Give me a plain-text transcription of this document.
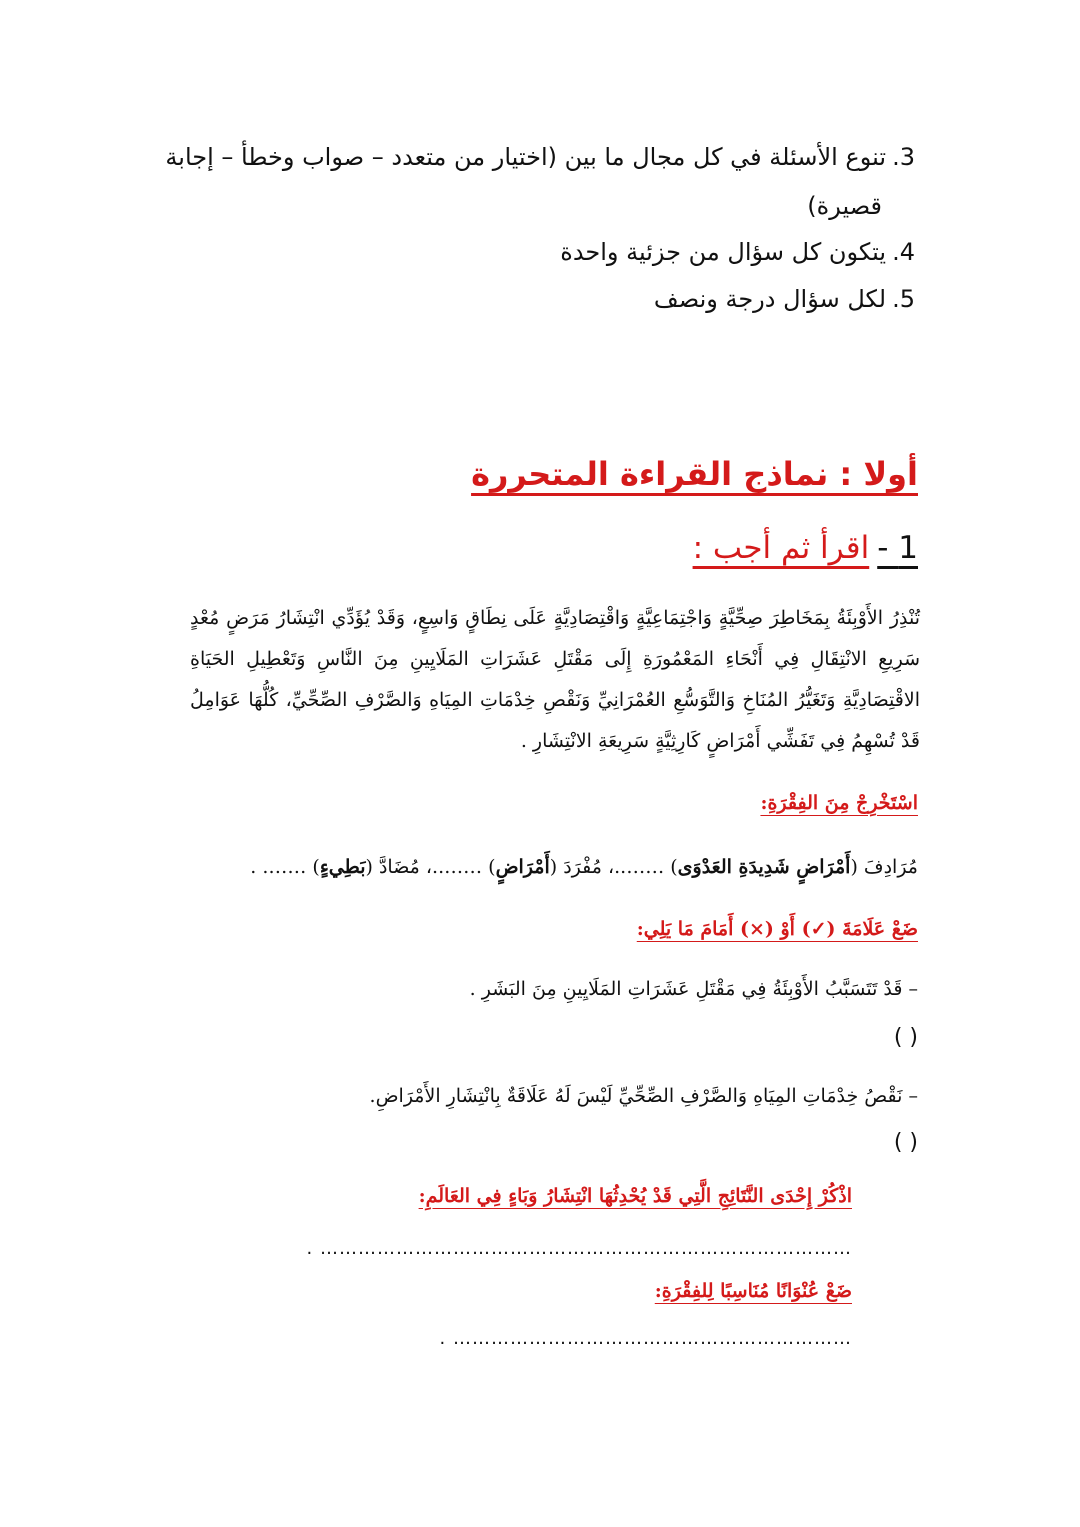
3.تنوع الأسئلة في كل مجال ما بين (اختيار من متعدد – صواب وخطأ – إجابة
قصيرة)
4.يتكون كل سؤال من جزئية واحدة
5.لكل سؤال درجة ونصف
أولا : نماذج القراءة المتحررة
1 -اقرأ ثم أجب :
تُنْذِرُ الأَوْبِئَةُ بِمَخَاطِرَ صِحِّيَّةٍ وَاجْتِمَاعِيَّةٍ وَاقْتِصَادِيَّةٍ عَلَى نِطَاقٍ وَاسِعٍ، وَقَدْ يُؤَدِّي انْتِشَارُ مَرَضٍ مُعْدٍ سَرِيعِ الانْتِقَالِ فِي أَنْحَاءِ المَعْمُورَةِ إِلَى مَقْتَلِ عَشَرَاتِ المَلَايِينِ مِنَ النَّاسِ وَتَعْطِيلِ الحَيَاةِ الاقْتِصَادِيَّةِ وَتَغَيُّرُ المُنَاخِ وَالتَّوَسُّعِ العُمْرَانِيِّ وَنَقْصِ خِدْمَاتِ المِيَاهِ وَالصَّرْفِ الصِّحِّيِّ، كُلُّهَا عَوَامِلُ قَدْ تُسْهِمُ فِي تَفَشِّي أَمْرَاضٍ كَارِثِيَّةٍ سَرِيعَةِ الانْتِشَارِ .
اسْتَخْرِجْ مِنَ الفِقْرَةِ:
مُرَادِفَ (أَمْرَاضٍ شَدِيدَةِ العَدْوَى) ……..، مُفْرَدَ (أَمْرَاضٍ) ……..، مُضَادَّ (بَطِيءٍ) ……. .
ضَعْ عَلَامَةَ (✓) أَوْ (×) أَمَامَ مَا يَلِي:
– قَدْ تَتَسَبَّبُ الأَوْبِئَةُ فِي مَقْتَلِ عَشَرَاتِ المَلَايِينِ مِنَ البَشَرِ .
( )
– نَقْصُ خِدْمَاتِ المِيَاهِ وَالصَّرْفِ الصِّحِّيِّ لَيْسَ لَهُ عَلَاقَةٌ بِانْتِشَارِ الأَمْرَاضِ.
( )
اذْكُرْ إِحْدَى النَّتَائِجِ الَّتِي قَدْ يُحْدِثُهَا انْتِشَارُ وَبَاءٍ فِي العَالَمِ:
………………………………………………………………………… .
ضَعْ عُنْوَانًا مُنَاسِبًا لِلفِقْرَةِ:
……………………………………………………… .
